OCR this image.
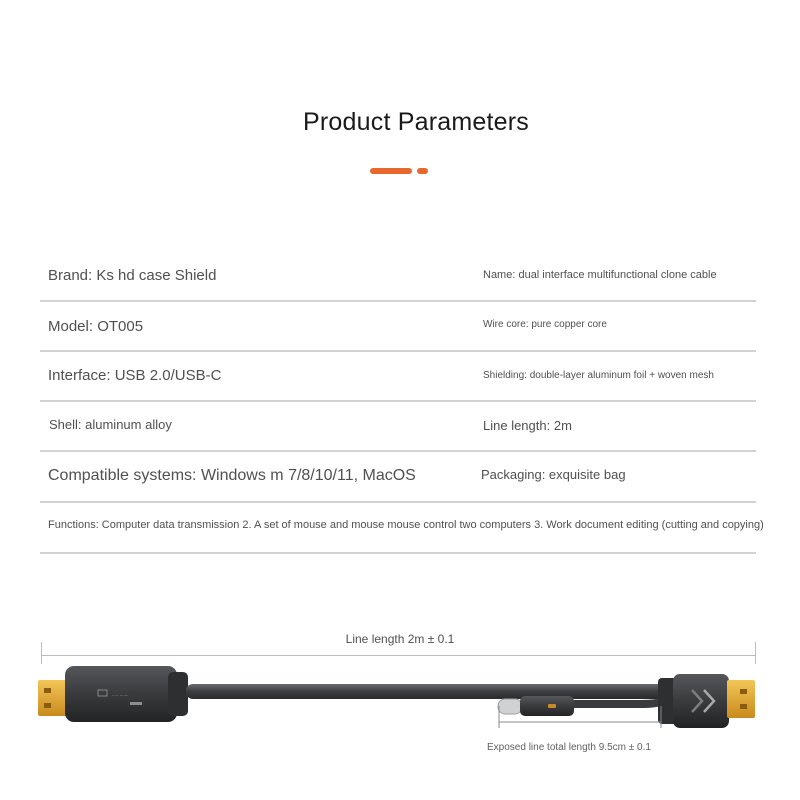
Product Parameters
Brand: Ks hd case Shield	Name: dual interface multifunctional clone cable
Model: OT005	Wire core: pure copper core
Interface: USB 2.0/USB-C	Shielding: double-layer aluminum foil + woven mesh
Shell: aluminum alloy	Line length: 2m
Compatible systems: Windows m 7/8/10/11, MacOS	Packaging: exquisite bag
Functions: Computer data transmission 2. A set of mouse and mouse mouse control two computers 3. Work document editing (cutting and copying)
Line length 2m ± 0.1
····· ·······
Exposed line total length 9.5cm ± 0.1
